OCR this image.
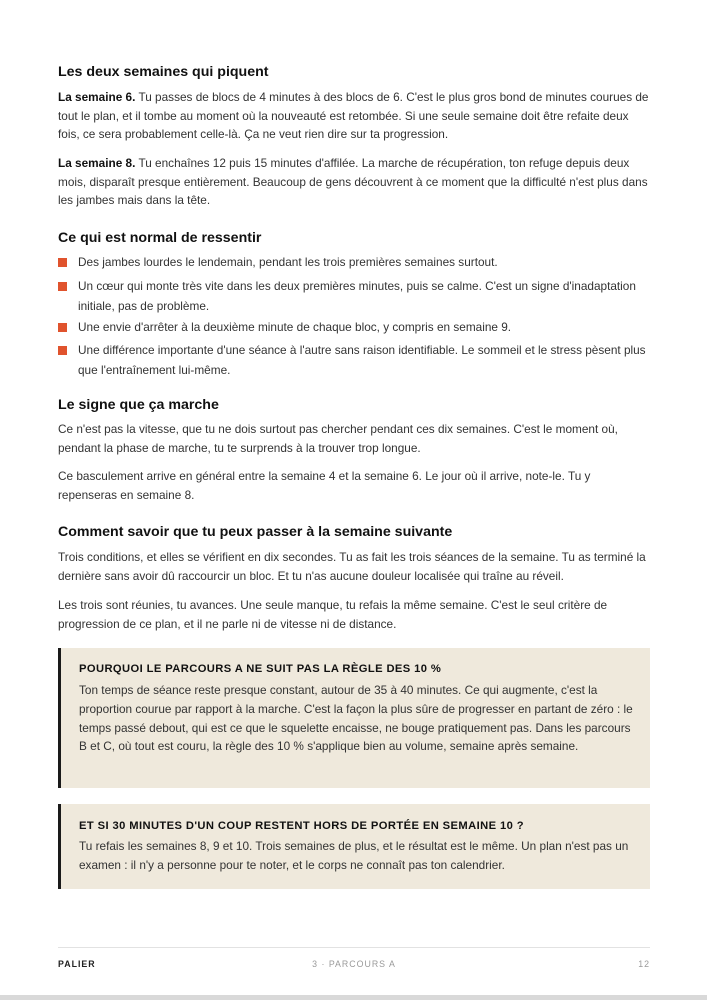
Les deux semaines qui piquent

La semaine 6. Tu passes de blocs de 4 minutes à des blocs de 6. C'est le plus gros bond de minutes courues de tout le plan, et il tombe au moment où la nouveauté est retombée. Si une seule semaine doit être refaite deux fois, ce sera probablement celle-là. Ça ne veut rien dire sur ta progression.

La semaine 8. Tu enchaînes 12 puis 15 minutes d'affilée. La marche de récupération, ton refuge depuis deux mois, disparaît presque entièrement. Beaucoup de gens découvrent à ce moment que la difficulté n'est plus dans les jambes mais dans la tête.

Ce qui est normal de ressentir
Des jambes lourdes le lendemain, pendant les trois premières semaines surtout.
Un cœur qui monte très vite dans les deux premières minutes, puis se calme. C'est un signe d'inadaptation initiale, pas de problème.
Une envie d'arrêter à la deuxième minute de chaque bloc, y compris en semaine 9.
Une différence importante d'une séance à l'autre sans raison identifiable. Le sommeil et le stress pèsent plus que l'entraînement lui-même.
Le signe que ça marche

Ce n'est pas la vitesse, que tu ne dois surtout pas chercher pendant ces dix semaines. C'est le moment où, pendant la phase de marche, tu te surprends à la trouver trop longue.

Ce basculement arrive en général entre la semaine 4 et la semaine 6. Le jour où il arrive, note-le. Tu y repenseras en semaine 8.

Comment savoir que tu peux passer à la semaine suivante

Trois conditions, et elles se vérifient en dix secondes. Tu as fait les trois séances de la semaine. Tu as terminé la dernière sans avoir dû raccourcir un bloc. Et tu n'as aucune douleur localisée qui traîne au réveil.

Les trois sont réunies, tu avances. Une seule manque, tu refais la même semaine. C'est le seul critère de progression de ce plan, et il ne parle ni de vitesse ni de distance.

POURQUOI LE PARCOURS A NE SUIT PAS LA RÈGLE DES 10 %
Ton temps de séance reste presque constant, autour de 35 à 40 minutes. Ce qui augmente, c'est la proportion courue par rapport à la marche. C'est la façon la plus sûre de progresser en partant de zéro : le temps passé debout, qui est ce que le squelette encaisse, ne bouge pratiquement pas. Dans les parcours B et C, où tout est couru, la règle des 10 % s'applique bien au volume, semaine après semaine.
ET SI 30 MINUTES D'UN COUP RESTENT HORS DE PORTÉE EN SEMAINE 10 ?
Tu refais les semaines 8, 9 et 10. Trois semaines de plus, et le résultat est le même. Un plan n'est pas un examen : il n'y a personne pour te noter, et le corps ne connaît pas ton calendrier.
PALIER	3 · PARCOURS A	12
